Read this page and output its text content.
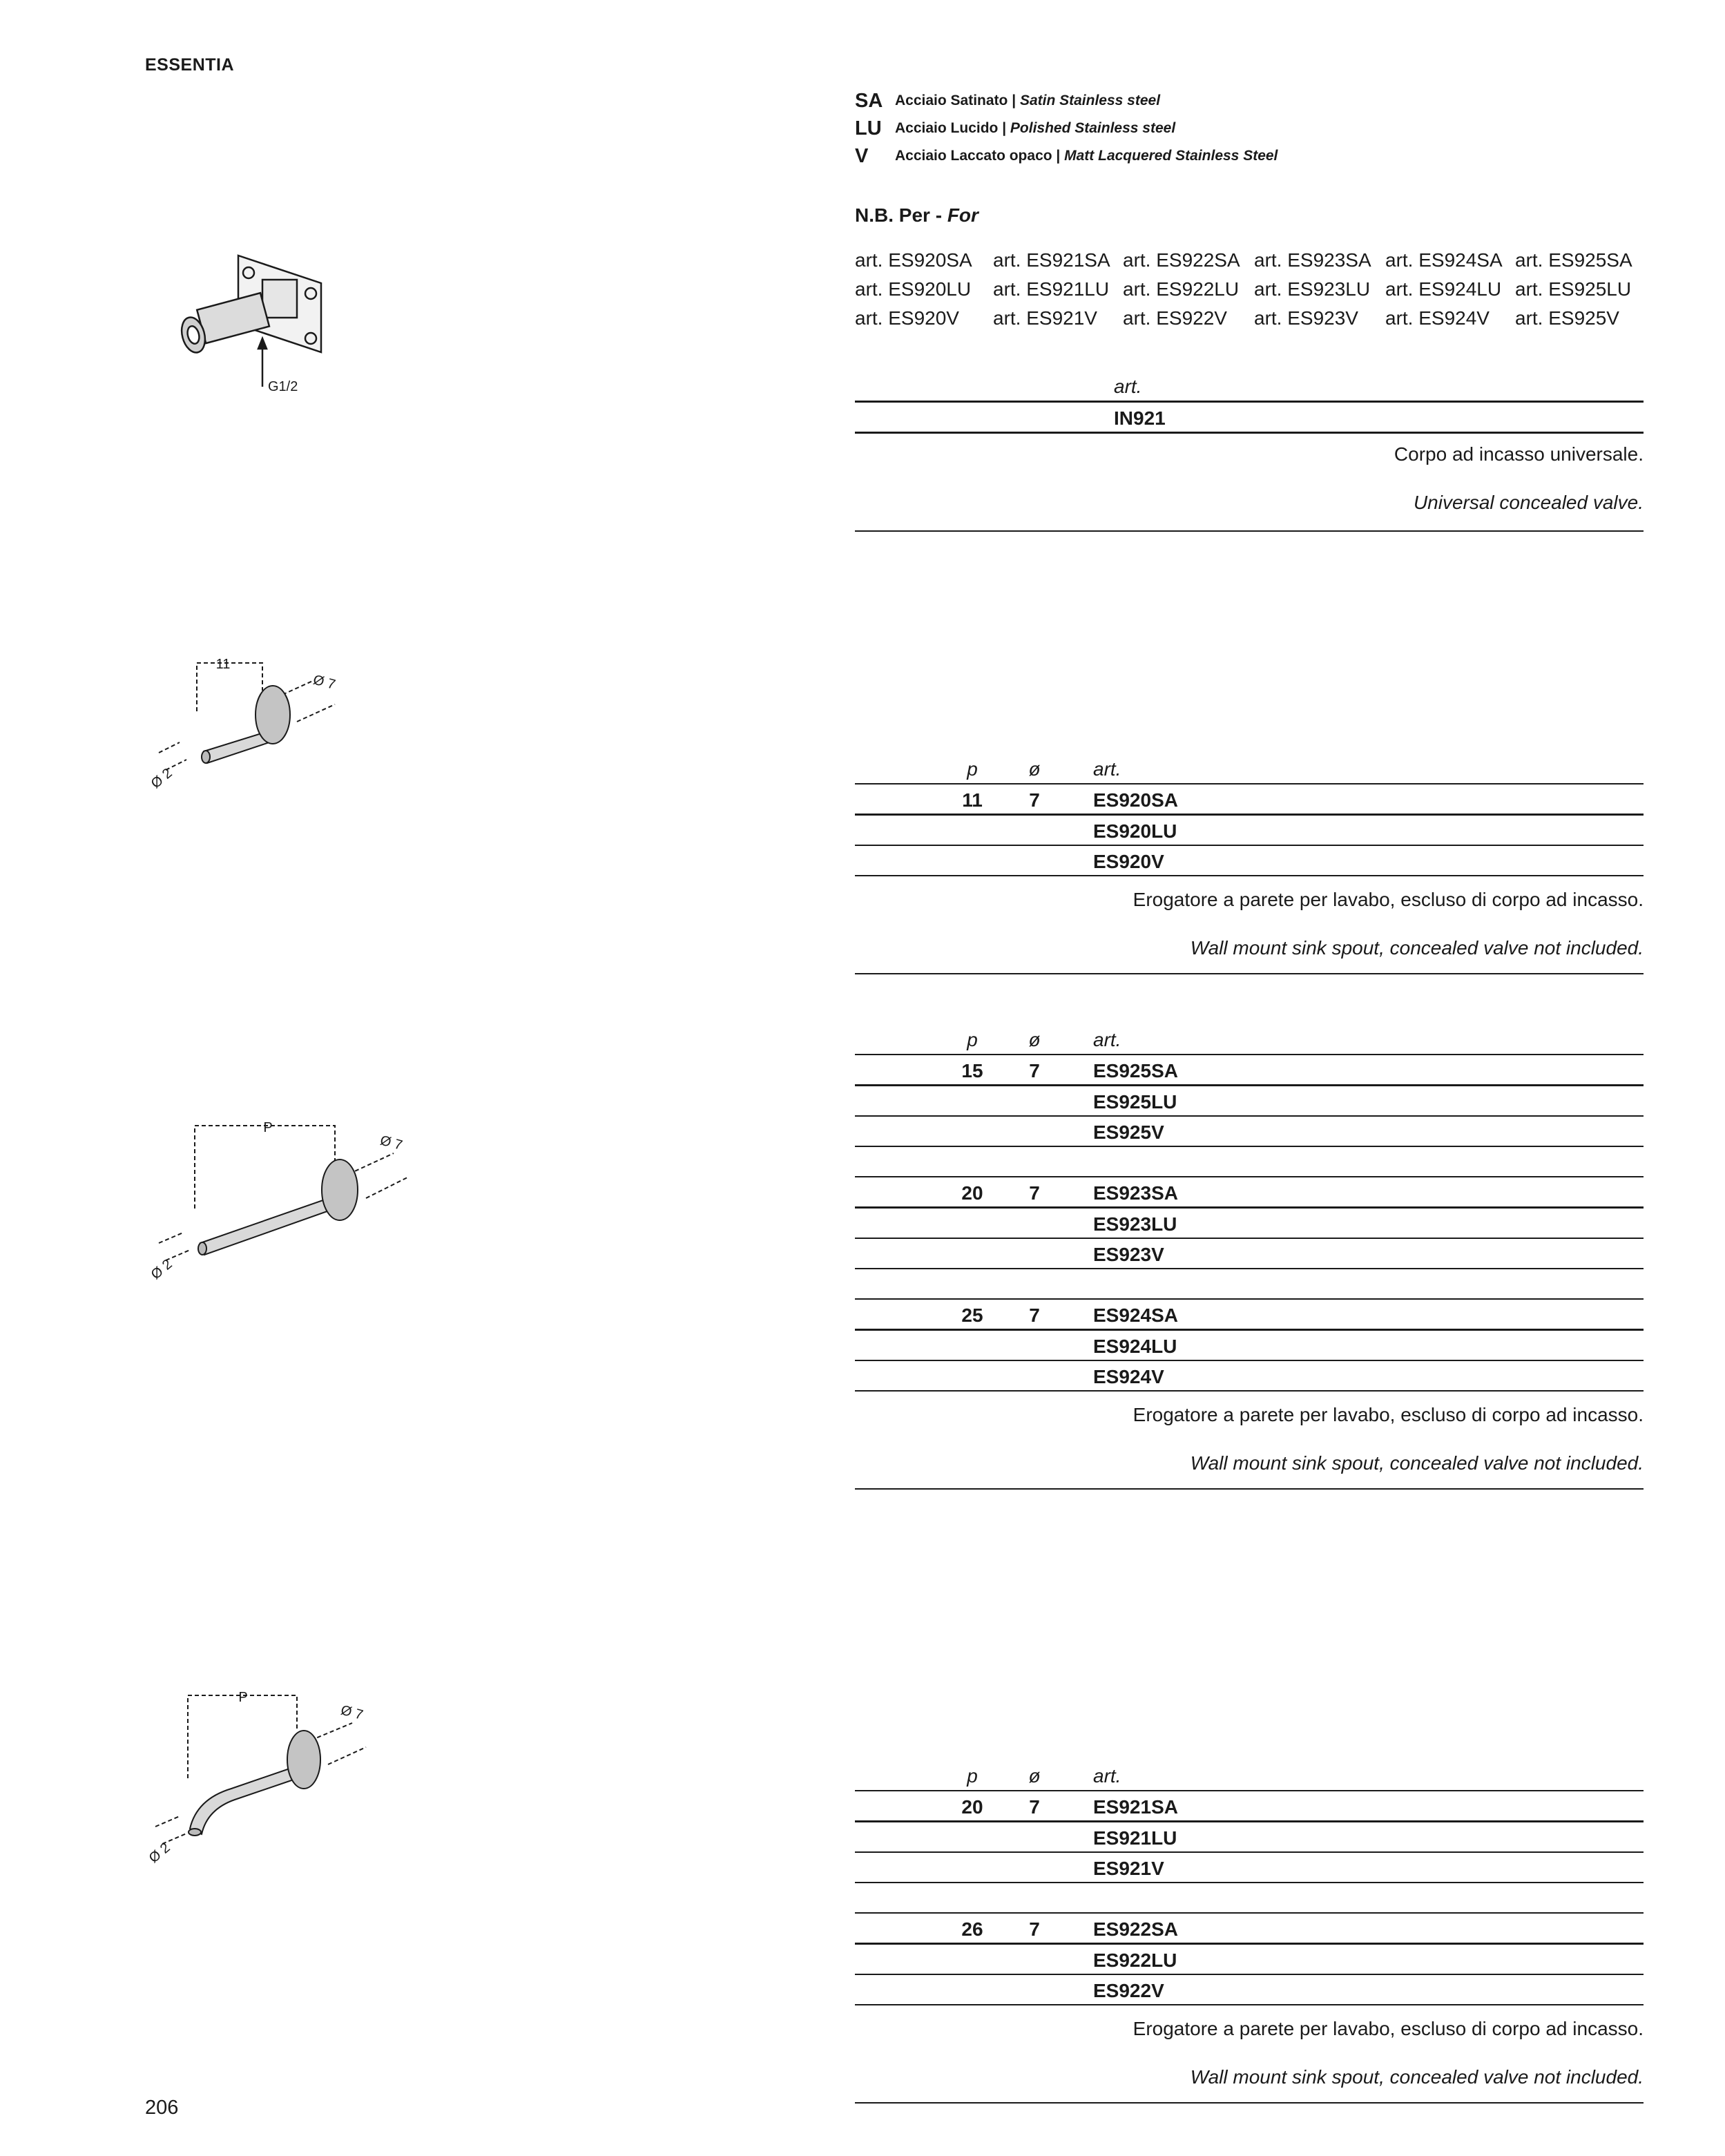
ESSENTIA
206
SA Acciaio Satinato | Satin Stainless steel
LU Acciaio Lucido | Polished Stainless steel
V	Acciaio Laccato opaco | Matt Lacquered Stainless Steel
N.B. Per - For
art. ES920SA	art. ES921SA art. ES922SA art. ES923SA art. ES924SA art. ES925SA
art. ES920LU	art. ES921LU art. ES922LU art. ES923LU art. ES924LU art. ES925LU
art. ES920V	art. ES921V	art. ES922V	art. ES923V	art. ES924V	art. ES925V
art.
IN921
Corpo ad incasso universale.
Universal concealed valve.
p	ø	art.
11	7	ES920SA
ES920LU
ES920V
Erogatore a parete per lavabo, escluso di corpo ad incasso.
Wall mount sink spout, concealed valve not included.
p	ø	art.
15	7	ES925SA
ES925LU
ES925V
20	7	ES923SA
ES923LU
ES923V
25	7	ES924SA
ES924LU
ES924V
Erogatore a parete per lavabo, escluso di corpo ad incasso.
Wall mount sink spout, concealed valve not included.
p	ø	art.
20	7	ES921SA
ES921LU
ES921V
26	7	ES922SA
ES922LU
ES922V
Erogatore a parete per lavabo, escluso di corpo ad incasso.
Wall mount sink spout, concealed valve not included.
G1/2
11
Ø 7
Ø 2
P
Ø 7
Ø 2
P
Ø 7
Ø 2
